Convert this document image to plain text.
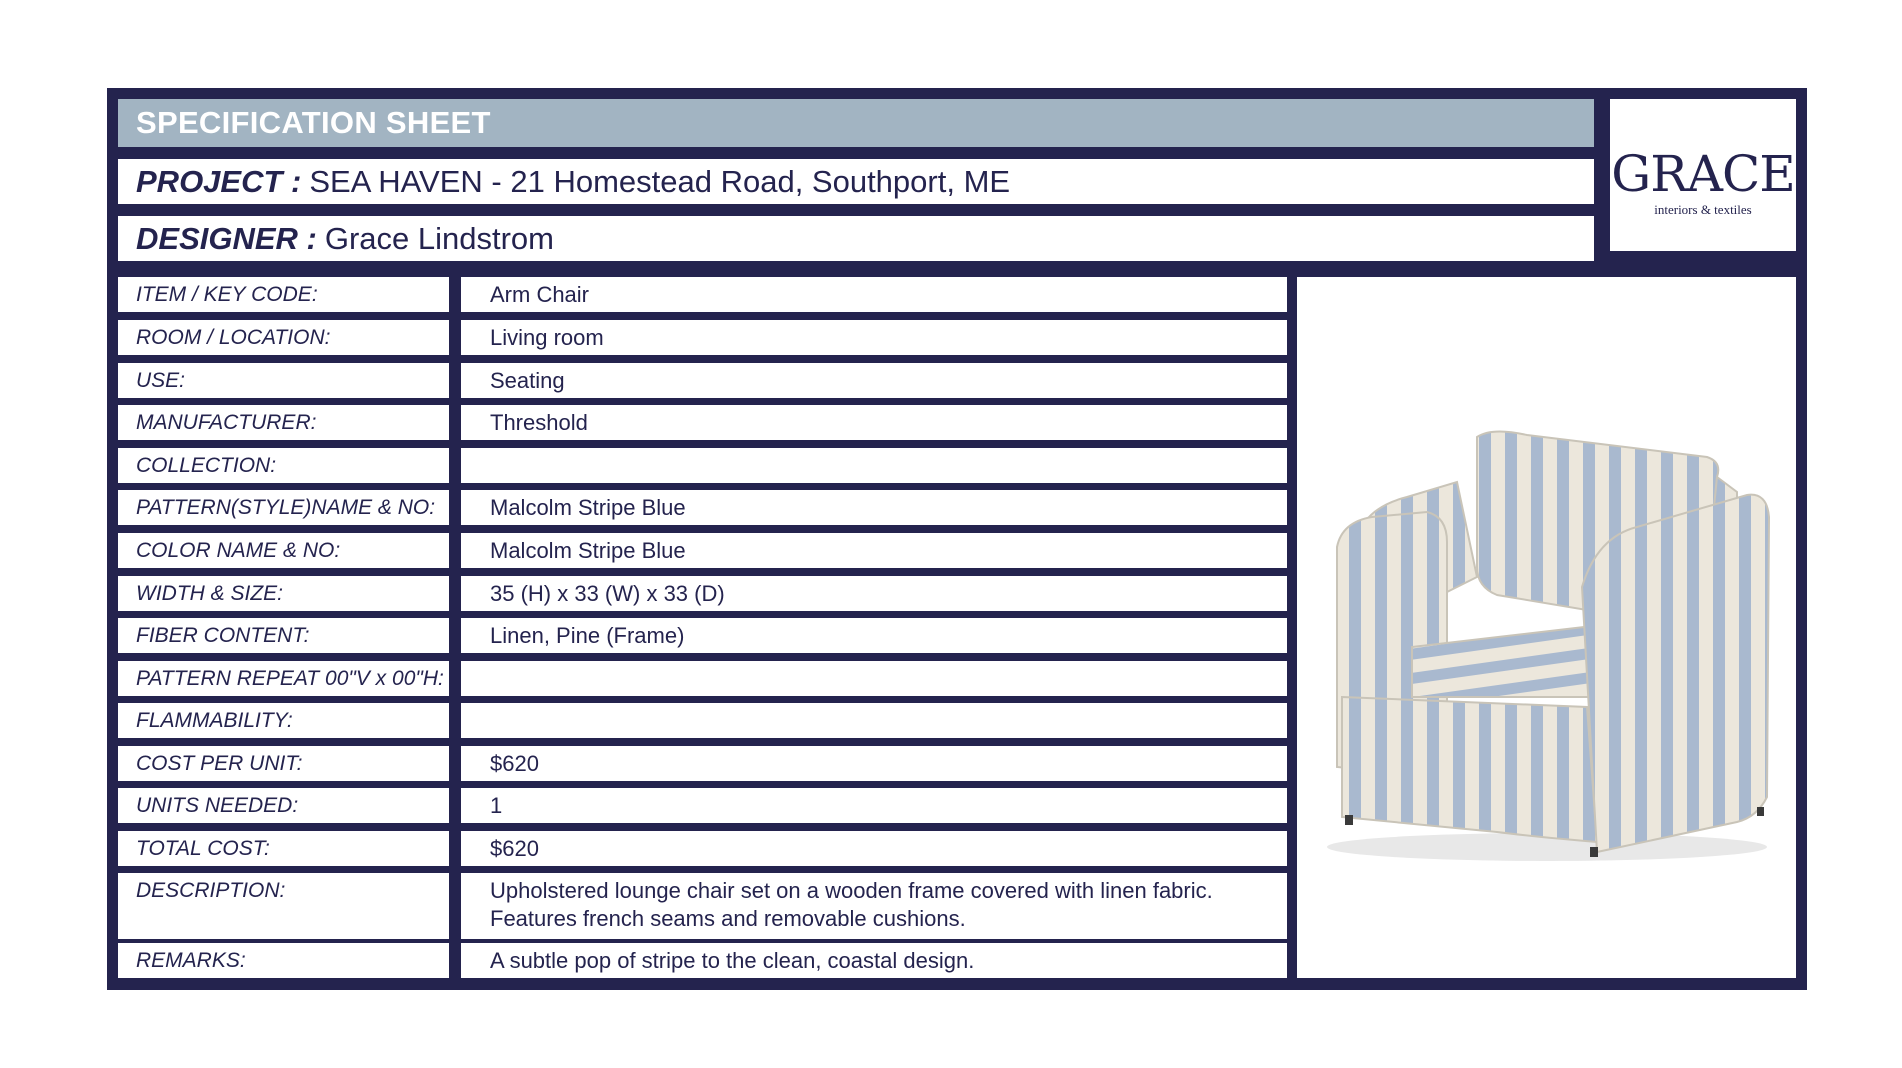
SPECIFICATION SHEET
PROJECT : SEA HAVEN - 21 Homestead Road, Southport, ME
DESIGNER : Grace Lindstrom
GRACE
interiors & textiles
ITEM / KEY CODE:	Arm Chair
ROOM / LOCATION:	Living room
USE:	Seating
MANUFACTURER:	Threshold
COLLECTION:
PATTERN(STYLE)NAME & NO:	Malcolm Stripe Blue
COLOR NAME & NO:	Malcolm Stripe Blue
WIDTH & SIZE:	35 (H) x 33 (W) x 33 (D)
FIBER CONTENT:	Linen, Pine (Frame)
PATTERN REPEAT 00"V x 00"H:
FLAMMABILITY:
COST PER UNIT:	$620
UNITS NEEDED:	1
TOTAL COST:	$620
DESCRIPTION:	Upholstered lounge chair set on a wooden frame covered with linen fabric. Features french seams and removable cushions.
REMARKS:	A subtle pop of stripe to the clean, coastal design.
